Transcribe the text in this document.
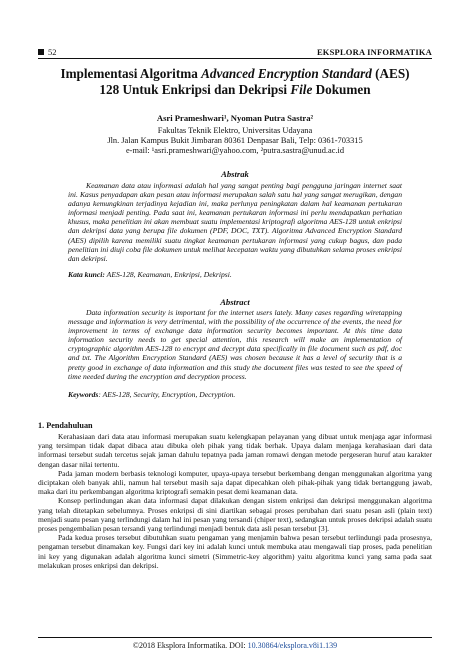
52	EKSPLORA INFORMATIKA
Implementasi Algoritma Advanced Encryption Standard (AES)
128 Untuk Enkripsi dan Dekripsi File Dokumen
Asri Prameshwari¹, Nyoman Putra Sastra²
Fakultas Teknik Elektro, Universitas Udayana
Jln. Jalan Kampus Bukit Jimbaran 80361 Denpasar Bali, Telp: 0361-703315
e-mail: ¹asri.prameshwari@yahoo.com, ²putra.sastra@unud.ac.id
Abstrak
Keamanan data atau informasi adalah hal yang sangat penting bagi pengguna jaringan internet saat ini. Kasus penyadapan akan pesan atau informasi merupakan salah satu hal yang sangat merugikan, dengan adanya kemungkinan terjadinya kejadian ini, maka perlunya peningkatan dalam hal keamanan pertukaran informasi menjadi penting. Pada saat ini, keamanan pertukaran informasi ini perlu mendapatkan perhatian khusus, maka penelitian ini akan membuat suatu implementasi kriptografi algoritma AES-128 untuk enkripsi dan dekripsi data yang berupa file dokumen (PDF, DOC, TXT). Algoritma Advanced Encryption Standard (AES) dipilih karena memiliki suatu tingkat keamanan pertukaran informasi yang cukup bagus, dan pada penelitian ini diuji coba file dokumen untuk melihat kecepatan waktu yang dibutuhkan selama proses enkripsi dan dekripsi.
Kata kunci: AES-128, Keamanan, Enkripsi, Dekripsi.
Abstract
Data information security is important for the internet users lately. Many cases regarding wiretapping message and information is very detrimental, with the possibility of the occurrence of the events, the need for improvement in terms of exchange data information security becomes important. At this time data information security needs to get special attention, this research will make an implementation of cryptographic algorithm AES-128 to encrypt and decrypt data specifically in file document such as pdf, doc and txt. The Algorithm Encryption Standard (AES) was chosen because it has a level of security that is a pretty good in exchange of data information and this study the document files was tested to see the speed of time needed during the encryption and decryption process.
Keywords: AES-128, Security, Encryption, Decryption.
1. Pendahuluan

Kerahasiaan dari data atau informasi merupakan suatu kelengkapan pelayanan yang dibuat untuk menjaga agar informasi yang tersimpan tidak dapat dibaca atau dibuka oleh pihak yang tidak berhak. Upaya dalam menjaga kerahasiaan dari data informasi tersebut sudah tercetus sejak jaman dahulu tepatnya pada jaman romawi dengan metode pergeseran huruf atau karakter dengan dasar nilai tertentu.

Pada jaman modern berbasis teknologi komputer, upaya-upaya tersebut berkembang dengan menggunakan algoritma yang diciptakan oleh banyak ahli, namun hal tersebut masih saja dapat dipecahkan oleh pihak-pihak yang tidak bertanggung jawab, maka dari itu perkembangan algoritma kriptografi semakin pesat demi keamanan data.

Konsep perlindungan akan data informasi dapat dilakukan dengan sistem enkripsi dan dekripsi menggunakan algoritma yang telah ditetapkan sebelumnya. Proses enkripsi di sini diartikan sebagai proses perubahan dari suatu pesan asli (plain text) menjadi suatu pesan yang terlindungi dalam hal ini pesan yang tersandi (chiper text), sedangkan untuk proses dekripsi adalah suatu proses pengembalian pesan tersandi yang terlindungi menjadi bentuk data asli pesan tersebut [3].

Pada kedua proses tersebut dibutuhkan suatu pengaman yang menjamin bahwa pesan tersebut terlindungi pada prosesnya, pengaman tersebut dinamakan key. Fungsi dari key ini adalah kunci untuk membuka atau mengawali tiap proses, pada penelitian ini key yang digunakan adalah algoritma kunci simetri (Simmetric-key algorithm) yaitu algoritma kunci yang sama pada saat melakukan proses enkripsi dan dekripsi.

©2018 Eksplora Informatika. DOI: 10.30864/eksplora.v8i1.139
